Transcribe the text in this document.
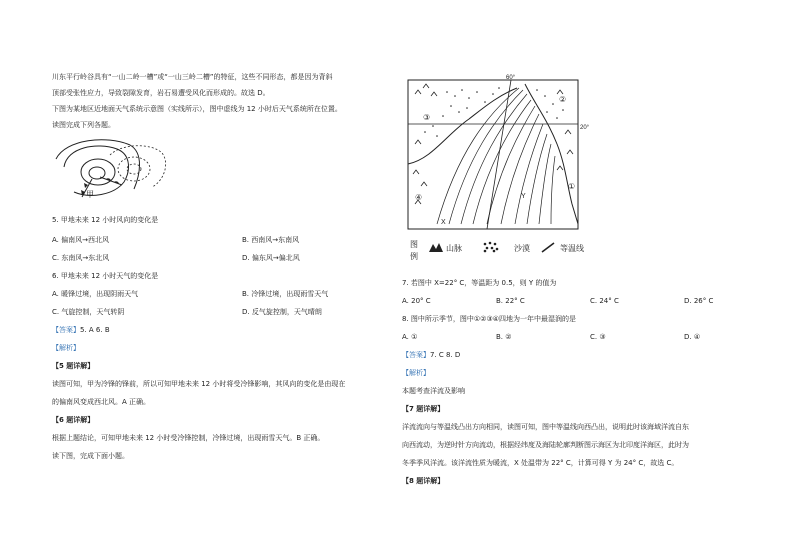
川东平行岭谷具有“一山二岭一槽”或“一山三岭二槽”的特征，这些不同形态，都是因为背斜
顶部受张性应力，导致裂隙发育，岩石易遭受风化而形成的。故选 D。
下图为某地区近地面天气系统示意图（实线所示），图中虚线为 12 小时后天气系统所在位置。
读图完成下列各题。
甲
5. 甲地未来 12 小时风向的变化是
A. 偏南风→西北风	B. 西南风→东南风
C. 东南风→东北风	D. 偏东风→偏北风
6. 甲地未来 12 小时天气的变化是
A. 暖锋过境，出现阴雨天气	B. 冷锋过境，出现雨雪天气
C. 气旋控制，天气转阴	D. 反气旋控制，天气晴朗
【答案】5. A 6. B
【解析】
【5 题详解】
读图可知，甲为冷锋的锋前，所以可知甲地未来 12 小时将受冷锋影响，其风向的变化是由现在
的偏南风变成西北风。A 正确。
【6 题详解】
根据上题结论，可知甲地未来 12 小时受冷锋控制，冷锋过境，出现雨雪天气。B 正确。
读下图，完成下面小题。
20°
60°
①
②
③
④
X
Y
图
例
山脉	沙漠	等温线
7. 若图中 X=22° C，等温距为 0.5，则 Y 的值为
A. 20° C	B. 22° C	C. 24° C	D. 26° C
8. 图中所示季节，图中①②③④四地为一年中最湿润的是
A. ①	B. ②	C. ③	D. ④
【答案】7. C 8. D
【解析】
本题考查洋流及影响
【7 题详解】
洋流流向与等温线凸出方向相同，读图可知，图中等温线向西凸出，说明此时该海域洋流自东
向西流动，为逆时针方向流动，根据经纬度及海陆轮廓判断图示海区为北印度洋海区，此时为
冬季季风洋流。该洋流性质为暖流，X 处温带为 22° C，计算可得 Y 为 24° C，故选 C。
【8 题详解】
